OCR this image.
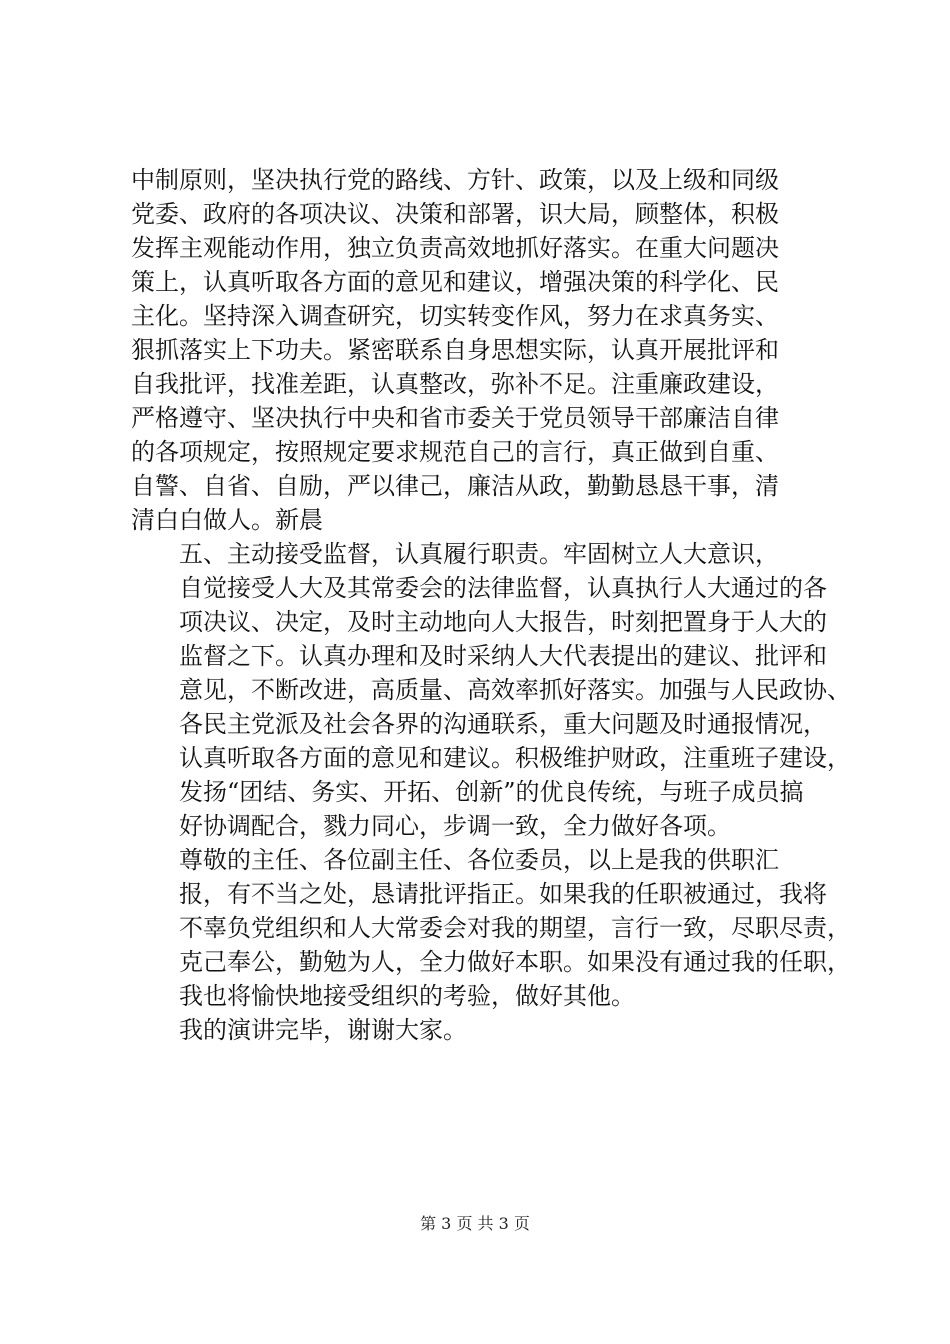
中制原则，坚决执行党的路线、方针、政策，以及上级和同级
党委、政府的各项决议、决策和部署，识大局，顾整体，积极
发挥主观能动作用，独立负责高效地抓好落实。在重大问题决
策上，认真听取各方面的意见和建议，增强决策的科学化、民
主化。坚持深入调查研究，切实转变作风，努力在求真务实、
狠抓落实上下功夫。紧密联系自身思想实际，认真开展批评和
自我批评，找准差距，认真整改，弥补不足。注重廉政建设，
严格遵守、坚决执行中央和省市委关于党员领导干部廉洁自律
的各项规定，按照规定要求规范自己的言行，真正做到自重、
自警、自省、自励，严以律己，廉洁从政，勤勤恳恳干事，清
清白白做人。新晨

五、主动接受监督，认真履行职责。牢固树立人大意识，
自觉接受人大及其常委会的法律监督，认真执行人大通过的各
项决议、决定，及时主动地向人大报告，时刻把置身于人大的
监督之下。认真办理和及时采纳人大代表提出的建议、批评和
意见，不断改进，高质量、高效率抓好落实。加强与人民政协、
各民主党派及社会各界的沟通联系，重大问题及时通报情况，
认真听取各方面的意见和建议。积极维护财政，注重班子建设，
发扬“团结、务实、开拓、创新”的优良传统，与班子成员搞
好协调配合，戮力同心，步调一致，全力做好各项。

尊敬的主任、各位副主任、各位委员，以上是我的供职汇
报，有不当之处，恳请批评指正。如果我的任职被通过，我将
不辜负党组织和人大常委会对我的期望，言行一致，尽职尽责，
克己奉公，勤勉为人，全力做好本职。如果没有通过我的任职，
我也将愉快地接受组织的考验，做好其他。

我的演讲完毕，谢谢大家。

第 3 页 共 3 页
